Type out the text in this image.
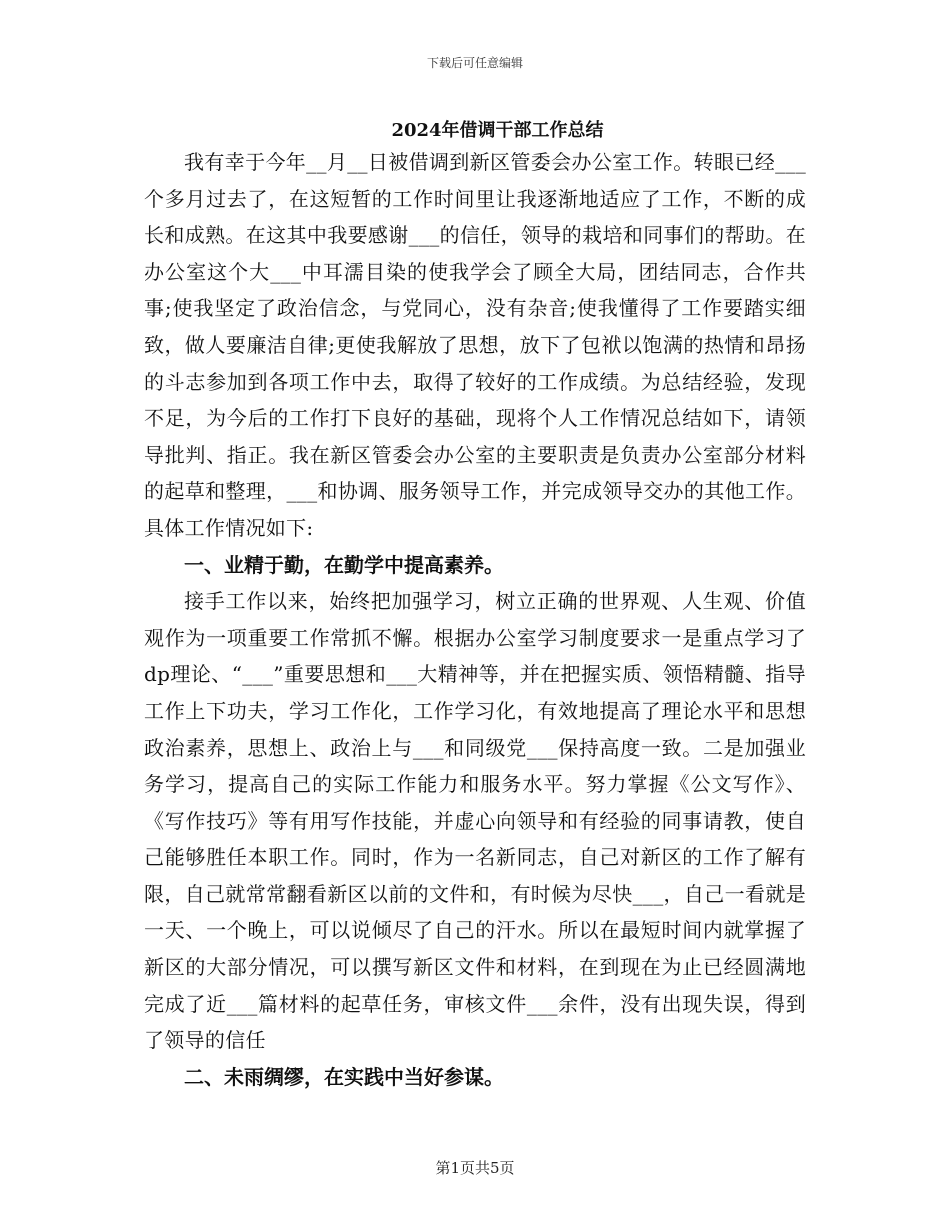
下载后可任意编辑
2024年借调干部工作总结

我有幸于今年__月__日被借调到新区管委会办公室工作。转眼已经___个多月过去了，在这短暂的工作时间里让我逐渐地适应了工作，不断的成长和成熟。在这其中我要感谢___的信任，领导的栽培和同事们的帮助。在办公室这个大___中耳濡目染的使我学会了顾全大局，团结同志，合作共事;使我坚定了政治信念，与党同心，没有杂音;使我懂得了工作要踏实细致，做人要廉洁自律;更使我解放了思想，放下了包袱以饱满的热情和昂扬的斗志参加到各项工作中去，取得了较好的工作成绩。为总结经验，发现不足，为今后的工作打下良好的基础，现将个人工作情况总结如下，请领导批判、指正。我在新区管委会办公室的主要职责是负责办公室部分材料的起草和整理，___和协调、服务领导工作，并完成领导交办的其他工作。具体工作情况如下:

一、业精于勤，在勤学中提高素养。

接手工作以来，始终把加强学习，树立正确的世界观、人生观、价值观作为一项重要工作常抓不懈。根据办公室学习制度要求一是重点学习了dp理论、“___”重要思想和___大精神等，并在把握实质、领悟精髓、指导工作上下功夫，学习工作化，工作学习化，有效地提高了理论水平和思想政治素养，思想上、政治上与___和同级党___保持高度一致。二是加强业务学习，提高自己的实际工作能力和服务水平。努力掌握《公文写作》、《写作技巧》等有用写作技能，并虚心向领导和有经验的同事请教，使自己能够胜任本职工作。同时，作为一名新同志，自己对新区的工作了解有限，自己就常常翻看新区以前的文件和，有时候为尽快___，自己一看就是一天、一个晚上，可以说倾尽了自己的汗水。所以在最短时间内就掌握了新区的大部分情况，可以撰写新区文件和材料，在到现在为止已经圆满地完成了近___篇材料的起草任务，审核文件___余件，没有出现失误，得到了领导的信任

二、未雨绸缪，在实践中当好参谋。

第1页共5页
